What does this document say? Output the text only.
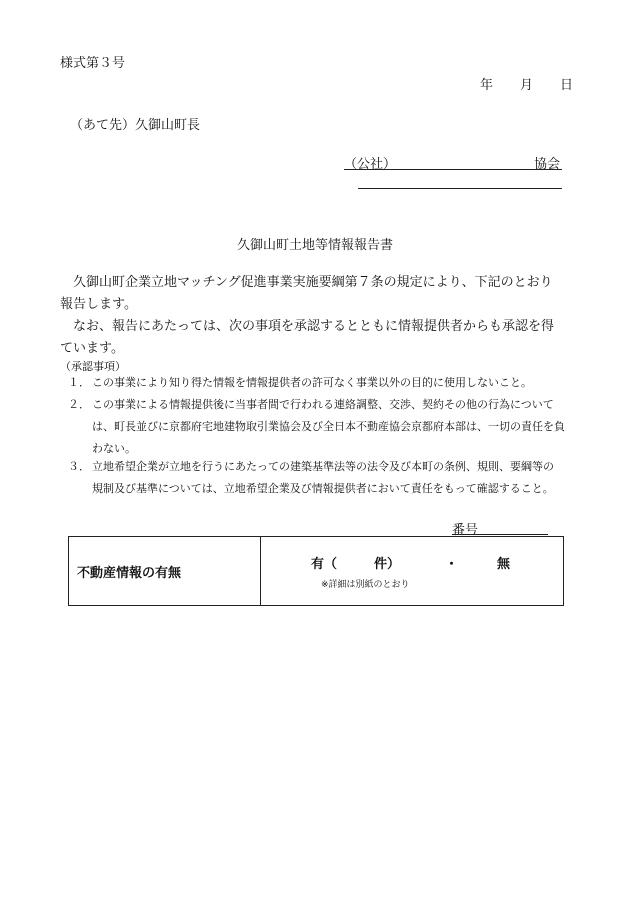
様式第３号
年 月 日
（あて先）久御山町長
（公社）	協会
久御山町土地等情報報告書
久御山町企業立地マッチング促進事業実施要綱第７条の規定により、下記のとおり
報告します。
なお、報告にあたっては、次の事項を承認するとともに情報提供者からも承認を得
ています。
（承認事項）
１． この事業により知り得た情報を情報提供者の許可なく事業以外の目的に使用しないこと。
２． この事業による情報提供後に当事者間で行われる連絡調整、交渉、契約その他の行為について
は、町長並びに京都府宅地建物取引業協会及び全日本不動産協会京都府本部は、一切の責任を負
わない。
３． 立地希望企業が立地を行うにあたっての建築基準法等の法令及び本町の条例、規則、要綱等の
規制及び基準については、立地希望企業及び情報提供者において責任をもって確認すること。
番号
不動産情報の有無	
有（	件）	・	無
※詳細は別紙のとおり
